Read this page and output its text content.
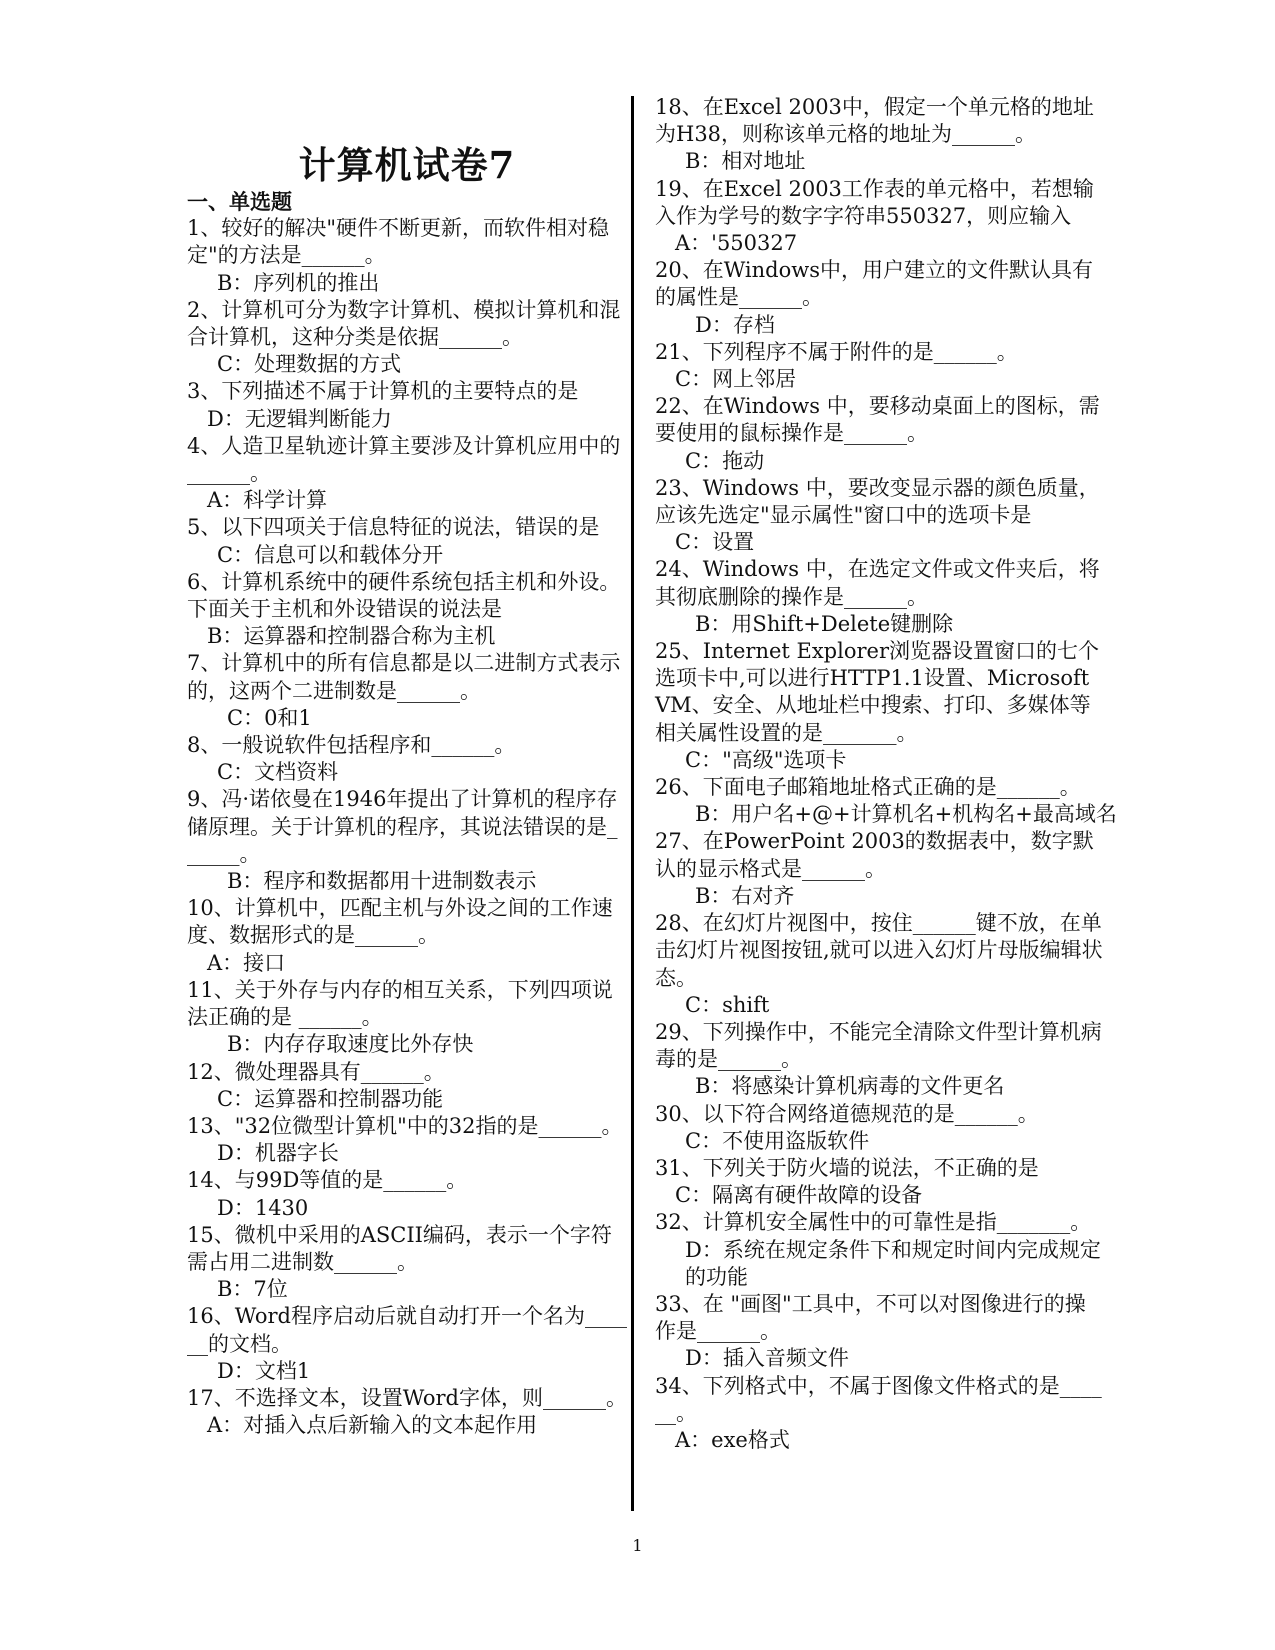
计算机试卷7
一、单选题
1、较好的解决"硬件不断更新，而软件相对稳定"的方法是______。
B：序列机的推出
2、计算机可分为数字计算机、模拟计算机和混合计算机，这种分类是依据______。
C：处理数据的方式
3、下列描述不属于计算机的主要特点的是
D：无逻辑判断能力
4、人造卫星轨迹计算主要涉及计算机应用中的______。
A：科学计算
5、以下四项关于信息特征的说法，错误的是
C：信息可以和载体分开
6、计算机系统中的硬件系统包括主机和外设。下面关于主机和外设错误的说法是
B：运算器和控制器合称为主机
7、计算机中的所有信息都是以二进制方式表示的，这两个二进制数是______。
C：0和1
8、一般说软件包括程序和______。
C：文档资料
9、冯·诺依曼在1946年提出了计算机的程序存储原理。关于计算机的程序，其说法错误的是______。
B：程序和数据都用十进制数表示
10、计算机中，匹配主机与外设之间的工作速度、数据形式的是______。
A：接口
11、关于外存与内存的相互关系，下列四项说法正确的是 ______。
B：内存存取速度比外存快
12、微处理器具有______。
C：运算器和控制器功能
13、"32位微型计算机"中的32指的是______。
D：机器字长
14、与99D等值的是______。
D：1430
15、微机中采用的ASCII编码，表示一个字符需占用二进制数______。
B：7位
16、Word程序启动后就自动打开一个名为______的文档。
D：文档1
17、不选择文本，设置Word字体，则______。
A：对插入点后新输入的文本起作用
18、在Excel 2003中，假定一个单元格的地址为H38，则称该单元格的地址为______。
B：相对地址
19、在Excel 2003工作表的单元格中，若想输入作为学号的数字字符串550327，则应输入
A：'550327
20、在Windows中，用户建立的文件默认具有的属性是______。
D：存档
21、下列程序不属于附件的是______。
C：网上邻居
22、在Windows 中，要移动桌面上的图标，需要使用的鼠标操作是______。
C：拖动
23、Windows 中，要改变显示器的颜色质量，应该先选定"显示属性"窗口中的选项卡是
C：设置
24、Windows 中，在选定文件或文件夹后，将其彻底删除的操作是______。
B：用Shift+Delete键删除
25、Internet Explorer浏览器设置窗口的七个选项卡中,可以进行HTTP1.1设置、Microsoft VM、安全、从地址栏中搜索、打印、多媒体等相关属性设置的是_______。
C："高级"选项卡
26、下面电子邮箱地址格式正确的是______。
B：用户名+@+计算机名+机构名+最高域名
27、在PowerPoint 2003的数据表中，数字默认的显示格式是______。
B：右对齐
28、在幻灯片视图中，按住______键不放，在单击幻灯片视图按钮,就可以进入幻灯片母版编辑状态。
C：shift
29、下列操作中，不能完全清除文件型计算机病毒的是______。
B：将感染计算机病毒的文件更名
30、以下符合网络道德规范的是______。
C：不使用盗版软件
31、下列关于防火墙的说法，不正确的是
C：隔离有硬件故障的设备
32、计算机安全属性中的可靠性是指_______。
D：系统在规定条件下和规定时间内完成规定的功能
33、在 "画图"工具中，不可以对图像进行的操作是______。
D：插入音频文件
34、下列格式中，不属于图像文件格式的是______。
A：exe格式
1
